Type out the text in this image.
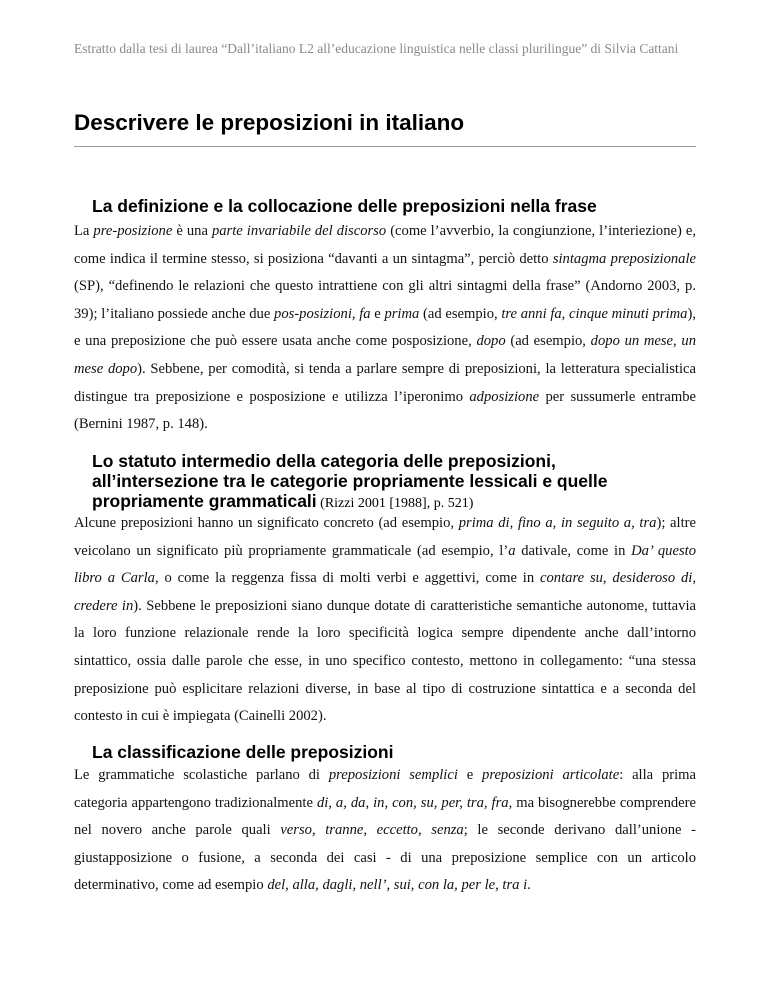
Estratto dalla tesi di laurea “Dall’italiano L2 all’educazione linguistica nelle classi plurilingue” di Silvia Cattani
Descrivere le preposizioni in italiano
La definizione e la collocazione delle preposizioni nella frase

La pre-posizione è una parte invariabile del discorso (come l’avverbio, la congiunzione, l’interiezione) e, come indica il termine stesso, si posiziona “davanti a un sintagma”, perciò detto sintagma preposizionale (SP), “definendo le relazioni che questo intrattiene con gli altri sintagmi della frase” (Andorno 2003, p. 39); l’italiano possiede anche due pos-posizioni, fa e prima (ad esempio, tre anni fa, cinque minuti prima), e una preposizione che può essere usata anche come posposizione, dopo (ad esempio, dopo un mese, un mese dopo). Sebbene, per comodità, si tenda a parlare sempre di preposizioni, la letteratura specialistica distingue tra preposizione e posposizione e utilizza l’iperonimo adposizione per sussumerle entrambe (Bernini 1987, p. 148).

Lo statuto intermedio della categoria delle preposizioni,
all’intersezione tra le categorie propriamente lessicali e quelle
propriamente grammaticali (Rizzi 2001 [1988], p. 521)

Alcune preposizioni hanno un significato concreto (ad esempio, prima di, fino a, in seguito a, tra); altre veicolano un significato più propriamente grammaticale (ad esempio, l’a dativale, come in Da’ questo libro a Carla, o come la reggenza fissa di molti verbi e aggettivi, come in contare su, desideroso di, credere in). Sebbene le preposizioni siano dunque dotate di caratteristiche semantiche autonome, tuttavia la loro funzione relazionale rende la loro specificità logica sempre dipendente anche dall’intorno sintattico, ossia dalle parole che esse, in uno specifico contesto, mettono in collegamento: “una stessa preposizione può esplicitare relazioni diverse, in base al tipo di costruzione sintattica e a seconda del contesto in cui è impiegata (Cainelli 2002).

La classificazione delle preposizioni

Le grammatiche scolastiche parlano di preposizioni semplici e preposizioni articolate: alla prima categoria appartengono tradizionalmente di, a, da, in, con, su, per, tra, fra, ma bisognerebbe comprendere nel novero anche parole quali verso, tranne, eccetto, senza; le seconde derivano dall’unione - giustapposizione o fusione, a seconda dei casi - di una preposizione semplice con un articolo determinativo, come ad esempio del, alla, dagli, nell’, sui, con la, per le, tra i.
